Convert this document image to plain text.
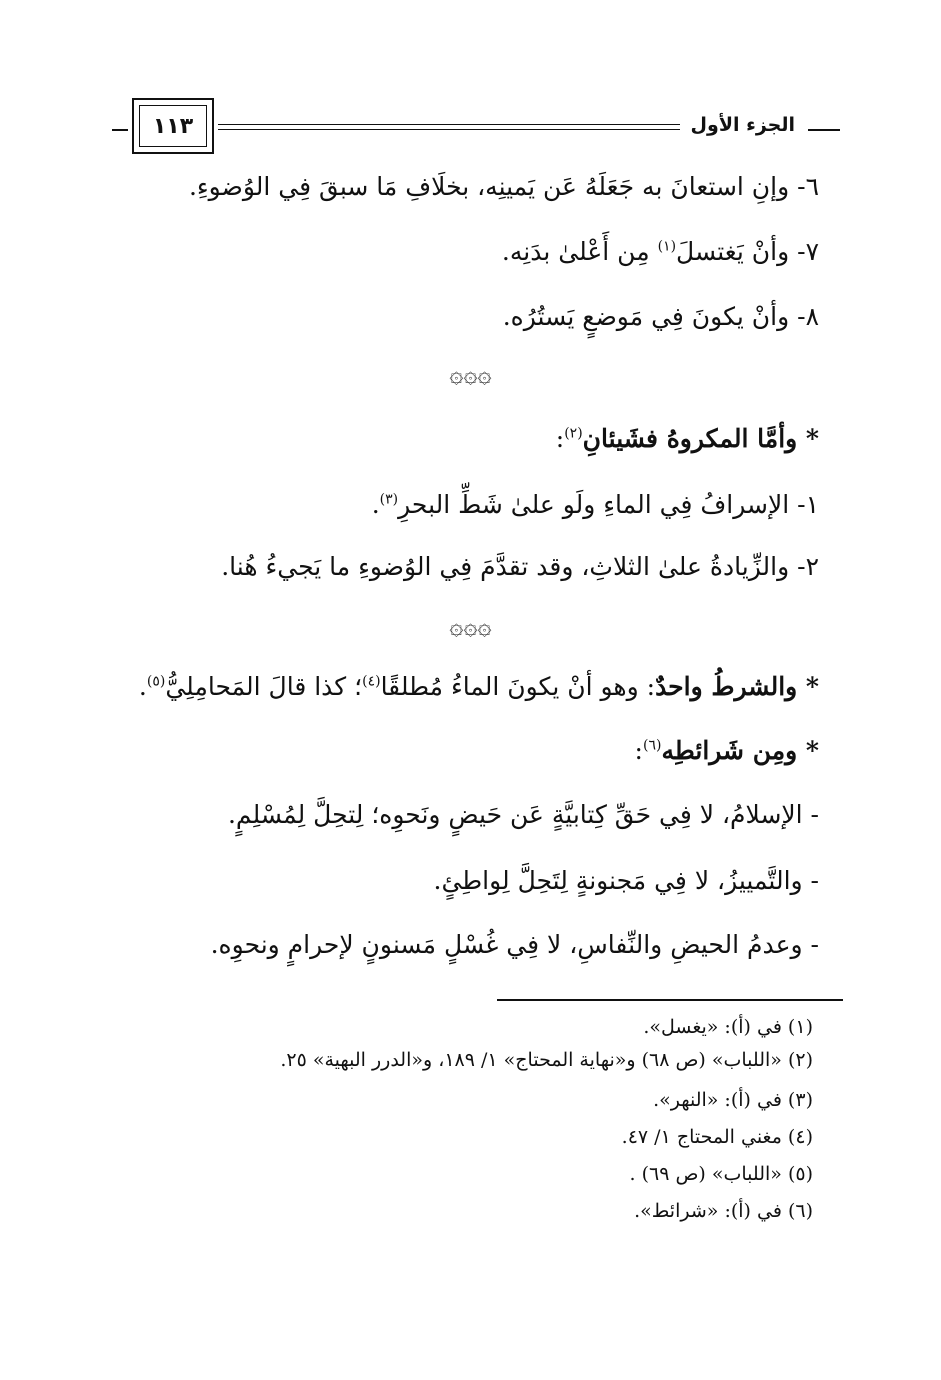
الجزء الأول
١١٣
٦- وإنِ استعانَ به جَعَلَهُ عَن يَمينِه، بخلَافِ مَا سبقَ فِي الوُضوءِ.
٧- وأنْ يَغتسلَ$^{(١)}$ مِن أَعْلىٰ بدَنِه.
٨- وأنْ يكونَ فِي مَوضعٍ يَستُرُه.
۞۞۞
* وأمَّا المكروهُ فشَيئانِ$^{(٢)}$:
١- الإسرافُ فِي الماءِ ولَو علىٰ شَطِّ البحرِ$^{(٣)}$.
٢- والزِّيادةُ علىٰ الثلاثِ، وقد تقدَّمَ فِي الوُضوءِ ما يَجيءُ هُنا.
۞۞۞
* والشرطُ واحدٌ: وهو أنْ يكونَ الماءُ مُطلقًا$^{(٤)}$؛ كذا قالَ المَحامِلِيُّ$^{(٥)}$.
* ومِن شَرائطِه$^{(٦)}$:
- الإسلامُ، لا فِي حَقِّ كِتابيَّةٍ عَن حَيضٍ ونَحوِه؛ لِتحِلَّ لِمُسْلِمٍ.
- والتَّمييزُ، لا فِي مَجنونةٍ لِتَحِلَّ لِواطِئٍ.
- وعدمُ الحيضِ والنِّفاسِ، لا فِي غُسْلٍ مَسنونٍ لإحرامٍ ونحوِه.
(١) في (أ): «يغسل».
(٢) «اللباب» (ص ٦٨) و«نهاية المحتاج» ١/ ١٨٩، و«الدرر البهية» ٢٥.
(٣) في (أ): «النهر».
(٤) مغني المحتاج ١/ ٤٧.
(٥) «اللباب» (ص ٦٩) .
(٦) في (أ): «شرائط».
